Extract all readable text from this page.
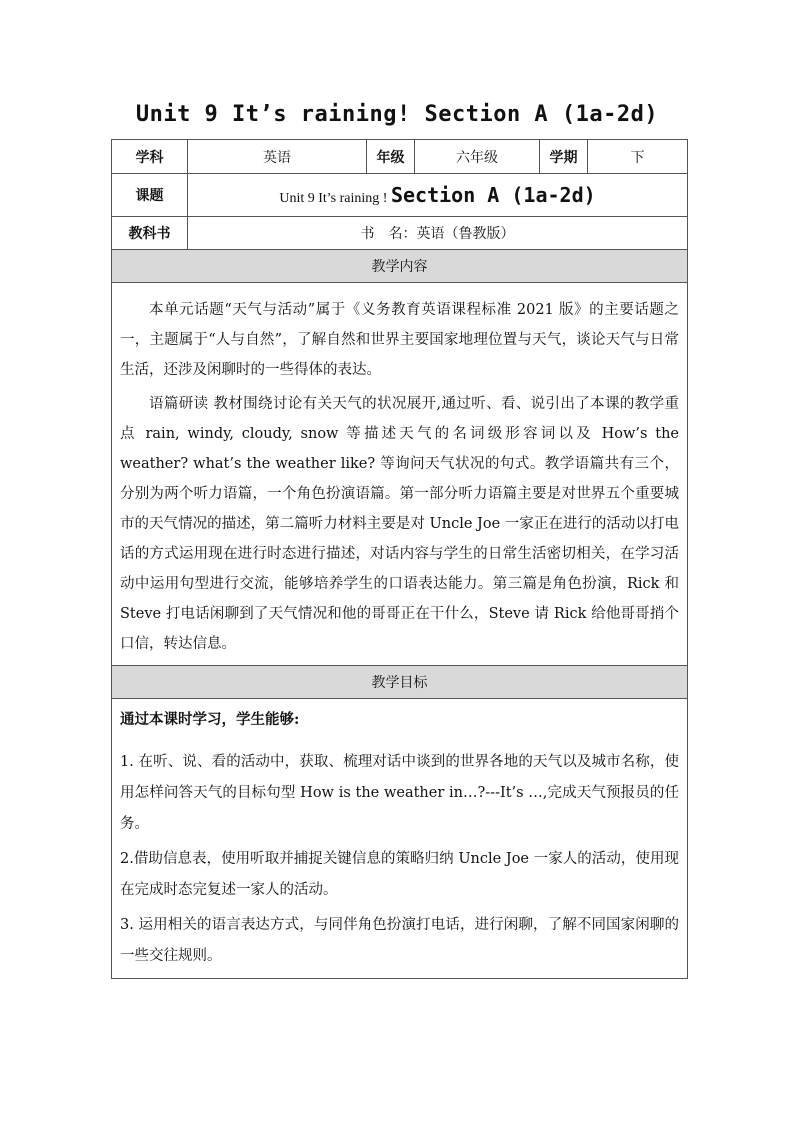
Unit 9 It’s raining! Section A (1a-2d)
学科	英语	年级	六年级	学期	下
课题	Unit 9 It’s raining ! Section A (1a-2d)				
教科书	书　名：英语（鲁教版）				
教学内容					

本单元话题“天气与活动”属于《义务教育英语课程标准 2021 版》的主要话题之一，主题属于“人与自然”，了解自然和世界主要国家地理位置与天气，谈论天气与日常生活，还涉及闲聊时的一些得体的表达。

语篇研读 教材围绕讨论有关天气的状况展开,通过听、看、说引出了本课的教学重点 rain, windy, cloudy, snow 等描述天气的名词级形容词以及 How’s the weather? what’s the weather like? 等询问天气状况的句式。教学语篇共有三个，分别为两个听力语篇，一个角色扮演语篇。第一部分听力语篇主要是对世界五个重要城市的天气情况的描述，第二篇听力材料主要是对 Uncle Joe 一家正在进行的活动以打电话的方式运用现在进行时态进行描述，对话内容与学生的日常生活密切相关，在学习活动中运用句型进行交流，能够培养学生的口语表达能力。第三篇是角色扮演，Rick 和 Steve 打电话闲聊到了天气情况和他的哥哥正在干什么，Steve 请 Rick 给他哥哥捎个口信，转达信息。					

教学目标					

通过本课时学习，学生能够:

1. 在听、说、看的活动中，获取、梳理对话中谈到的世界各地的天气以及城市名称，使用怎样问答天气的目标句型 How is the weather in…?---It’s …,完成天气预报员的任务。

2.借助信息表，使用听取并捕捉关键信息的策略归纳 Uncle Joe 一家人的活动，使用现在完成时态完复述一家人的活动。

3. 运用相关的语言表达方式，与同伴角色扮演打电话，进行闲聊，了解不同国家闲聊的一些交往规则。					
